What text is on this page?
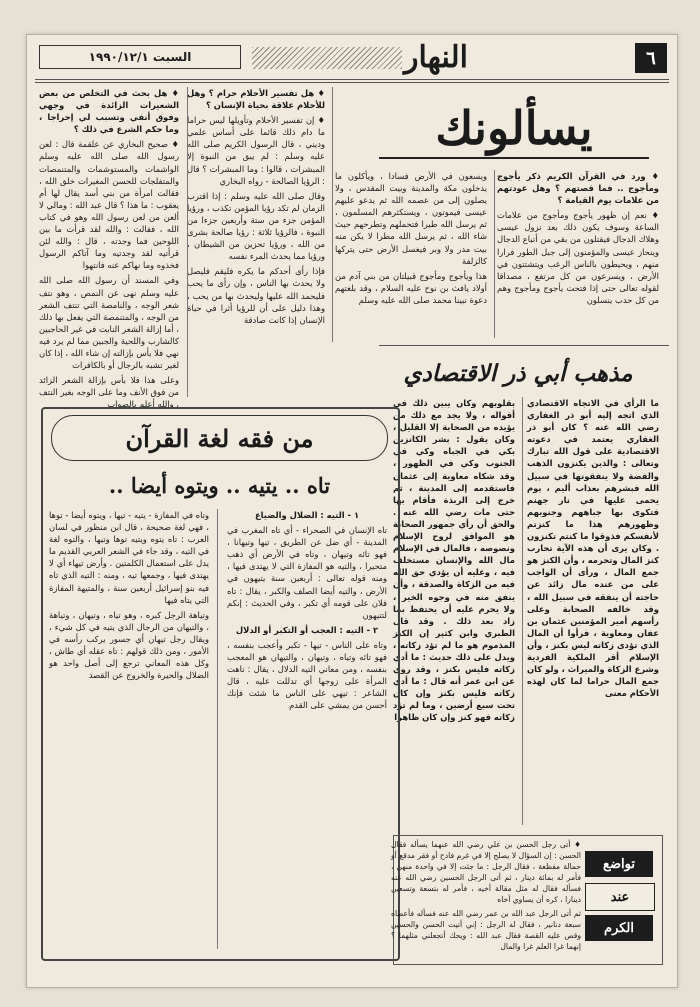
٦
النهار
السبت ١٩٩٠/١٢/١
يسألونك

♦ ورد في القرآن الكريم ذكر يأجوج ومأجوج .. فما قصتهم ؟ وهل عودتهم من علامات يوم القيامة ؟

♦ نعم إن ظهور يأجوج ومأجوج من علامات الساعة وسوف يكون ذلك بعد نزول عيسى وهلاك الدجال فيقتلون من بقي من أتباع الدجال وينحاز عيسى والمؤمنون إلى جبل الطور فرارا منهم ، ويحيطون بالناس الرعب ويتشتتون في الأرض ، ويسرعون من كل مرتفع ، مصداقا لقوله تعالى حتى إذا فتحت يأجوج ومأجوج وهم من كل حدب ينسلون

ويسعون في الأرض فسادا ، ويأكلون ما يدخلون مكة والمدينة وبيت المقدس ، ولا يصلون إلى من عصمه الله ثم يدعو عليهم عيسى فيموتون ، ويستكثرهم المسلمون ، ثم يرسل الله طيرا فتحملهم وتطرحهم حيث شاء الله ، ثم يرسل الله مطرا لا يكن منه بيت مدر ولا وبر فيغسل الأرض حتى يتركها كالزلفة

هذا ويأجوج ومأجوج قبيلتان من بني آدم من أولاد يافث بن نوح عليه السلام ، وقد بلغتهم دعوة نبينا محمد صلى الله عليه وسلم

♦ هل تفسير الأحلام حرام ؟ وهل للأحلام علاقة بحياة الإنسان ؟

♦ إن تفسير الأحلام وتأويلها ليس حراما ما دام ذلك قائما على أساس علمي وديني ، قال الرسول الكريم صلى الله عليه وسلم : لم يبق من النبوة إلا المبشرات ، قالوا : وما المبشرات ؟ قال : الرؤيا الصالحة - رواه البخاري

وقال صلى الله عليه وسلم : إذا اقترب الزمان لم تكد رؤيا المؤمن تكذب ، ورؤيا المؤمن جزء من ستة وأربعين جزءا من النبوة ، فالرؤيا ثلاثة : رؤيا صالحة بشرى من الله ، ورؤيا تحزين من الشيطان ، ورؤيا مما يحدث المرء نفسه

فإذا رأى أحدكم ما يكره فليقم فليصل ولا يحدث بها الناس ، وإن رأى ما يحب فليحمد الله عليها وليحدث بها من يحب ، وهذا دليل على أن للرؤيا أثرا في حياة الإنسان إذا كانت صادقة

♦ هل بحث في التخلص من بعض الشعيرات الزائدة في وجهي وفوق أنفي وتسبب لي إحراجا ، وما حكم الشرع في ذلك ؟

♦ صحيح البخاري عن علقمة قال : لعن رسول الله صلى الله عليه وسلم الواشمات والمستوشمات والمتنمصات والمتفلجات للحسن المغيرات خلق الله ، فقالت امرأة من بني أسد يقال لها أم يعقوب : ما هذا ؟ قال عبد الله : ومالي لا ألعن من لعن رسول الله وهو في كتاب الله ، فقالت : والله لقد قرأت ما بين اللوحين فما وجدته ، قال : والله لئن قرأتيه لقد وجدتيه وما آتاكم الرسول فخذوه وما نهاكم عنه فانتهوا

وفي المسند أن رسول الله صلى الله عليه وسلم نهى عن النمص ، وهو نتف شعر الوجه ، والنامصة التي تنتف الشعر من الوجه ، والمتنمصة التي يفعل بها ذلك ، أما إزالة الشعر النابت في غير الحاجبين كالشارب واللحية والجبين مما لم يرد فيه نهي فلا بأس بإزالته إن شاء الله ، إذا كان لغير تشبه بالرجال أو بالكافرات

وعلى هذا فلا بأس بإزالة الشعر الزائد من فوق الأنف وما على الوجه بغير النتف ، والله أعلم بالصواب

مذهب أبي ذر الاقتصادي

ما الرأي في الاتجاه الاقتصادي الذي اتجه إليه أبو ذر الغفاري رضي الله عنه ؟ كان أبو ذر الغفاري يعتمد في دعوته الاقتصادية على قول الله تبارك وتعالى : والذين يكنزون الذهب والفضة ولا ينفقونها في سبيل الله فبشرهم بعذاب أليم ، يوم يحمى عليها في نار جهنم فتكوى بها جباههم وجنوبهم وظهورهم هذا ما كنزتم لأنفسكم فذوقوا ما كنتم تكنزون . وكان يرى أن هذه الآية تحارب كنز المال وتحرمه ، وأن الكنز هو جمع المال ، ورأى أن الواجب على من عنده مال زائد عن حاجته أن ينفقه في سبيل الله ، وقد خالفه الصحابة وعلى رأسهم أمير المؤمنين عثمان بن عفان ومعاوية ، فرأوا أن المال الذي تؤدى زكاته ليس بكنز ، وأن الإسلام أقر الملكية الفردية وشرع الزكاة والميراث ، ولو كان جمع المال حراما لما كان لهذه الأحكام معنى

بقلوبهم وكان يبين ذلك في أقواله ، ولا يجد مع ذلك من يؤيده من الصحابة إلا القليل ، وكان يقول : بشر الكانزين بكي في الجباه وكي في الجنوب وكي في الظهور ، وقد شكاه معاوية إلى عثمان فاستقدمه إلى المدينة ، ثم خرج إلى الربذة فأقام بها حتى مات رضي الله عنه . والحق أن رأي جمهور الصحابة هو الموافق لروح الإسلام ونصوصه ، فالمال في الإسلام مال الله والإنسان مستخلف فيه ، وعليه أن يؤدي حق الله فيه من الزكاة والصدقة ، وأن ينفق منه في وجوه الخير ، ولا يحرم عليه أن يحتفظ بما زاد بعد ذلك . وقد قال الطبري وابن كثير إن الكنز المذموم هو ما لم تؤد زكاته ، ويدل على ذلك حديث : ما أدي زكاته فليس بكنز ، وقد روي عن ابن عمر أنه قال : ما أدي زكاته فليس بكنز وإن كان تحت سبع أرضين ، وما لم تؤد زكاته فهو كنز وإن كان ظاهرا

من فقه لغة القرآن
تاه .. يتيه .. ويتوه أيضا ..

١ - التيه : الضلال والضياع

تاه الإنسان في الصحراء - أي تاه المغرب في المدينة - أي ضل عن الطريق ، تيها وتيهانا ، فهو تائه وتيهان ، وتاه في الأرض أي ذهب متحيرا ، والتيه هو المفازة التي لا يهتدى فيها ، ومنه قوله تعالى : أربعين سنة يتيهون في الأرض ، والتيه أيضا الصلف والكبر ، يقال : تاه فلان على قومه أي تكبر ، وفي الحديث : إنكم لتتيهون

٢ - التيه : العجب أو التكبر أو الدلال

وتاه على الناس - تيها - تكبر وأعجب بنفسه ، فهو تائه وتياه ، وتيهان ، والتيهان هو المعجب بنفسه ، ومن معاني التيه الدلال ، يقال : تاهت المرأة على زوجها أي تدللت عليه ، قال الشاعر : تيهي على الناس ما شئت فإنك أحسن من يمشي على القدم

وتاه في المفازة - يتيه - تيها ، ويتوه أيضا - توها ، فهي لغة صحيحة ، قال ابن منظور في لسان العرب : تاه يتوه ويتيه توها وتيها ، والتوه لغة في التيه ، وقد جاء في الشعر العربي القديم ما يدل على استعمال الكلمتين . وأرض تيهاء أي لا يهتدى فيها ، وجمعها تيه ، ومنه : التيه الذي تاه فيه بنو إسرائيل أربعين سنة ، والمتيهة المفازة التي يتاه فيها

وتياهة الرجل كبره ، وهو تياه ، وتيهان ، وتياهة ، والتيهان من الرجال الذي يتيه في كل شيء ، ويقال رجل تيهان أي جسور يركب رأسه في الأمور ، ومن ذلك قولهم : تاه عقله أي طاش ، وكل هذه المعاني ترجع إلى أصل واحد هو الضلال والحيرة والخروج عن القصد

تواضع
عند
الكرم

♦ أتى رجل الحسن بن علي رضي الله عنهما يسأله فقال الحسن : إن السؤال لا يصلح إلا في غرم فادح أو فقر مدقع أو حمالة مفظعة ، فقال الرجل : ما جئت إلا في واحدة منهن ، فأمر له بمائة دينار ، ثم أتى الرجل الحسين رضي الله عنه فسأله فقال له مثل مقالة أخيه ، فأمر له بتسعة وتسعين دينارا ، كره أن يساوي أخاه

ثم أتى الرجل عبد الله بن عمر رضي الله عنه فسأله فأعطاه سبعة دنانير ، فقال له الرجل : إني أتيت الحسن والحسين وقص عليه القصة فقال عبد الله : ويحك أتجعلني مثلهما ؟ إنهما غرا العلم غرا والمال
